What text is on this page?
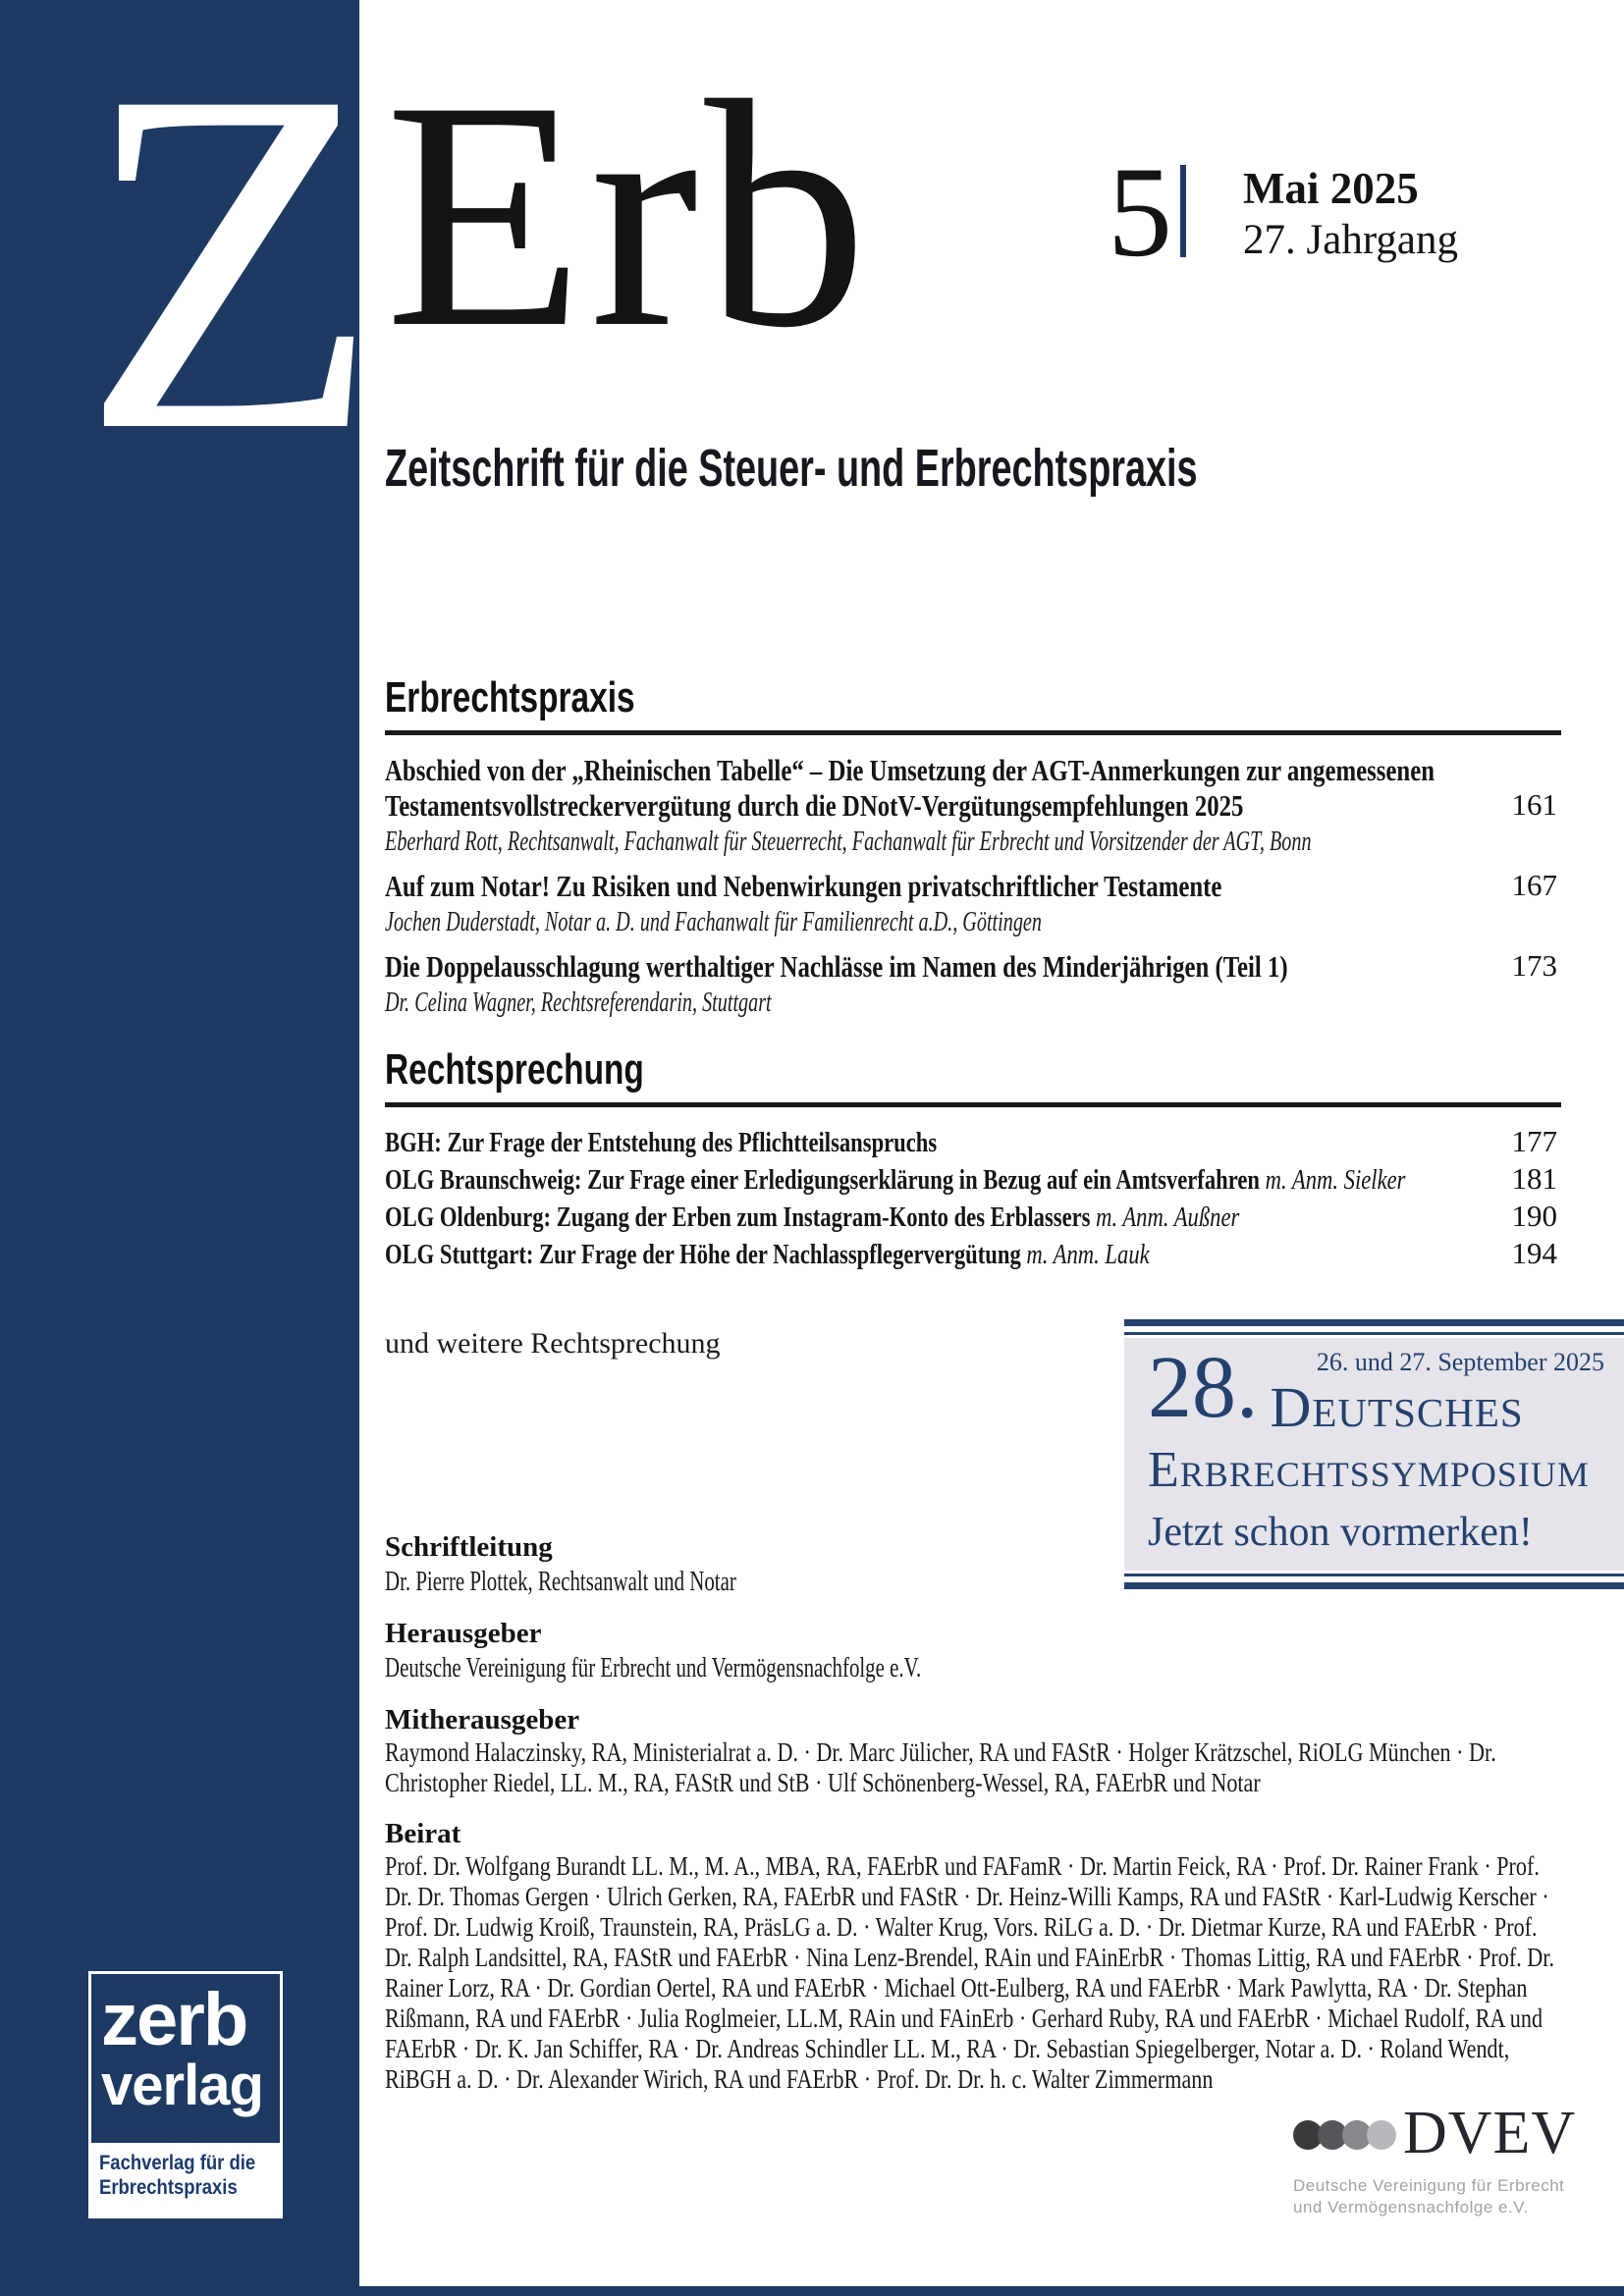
Z Erb 5 Mai 2025
27. Jahrgang
Zeitschrift für die Steuer- und Erbrechtspraxis
Erbrechtspraxis
Abschied von der „Rheinischen Tabelle“ – Die Umsetzung der AGT-Anmerkungen zur angemessenen Testamentsvollstreckervergütung durch die DNotV-Vergütungsempfehlungen 2025	161
Eberhard Rott, Rechtsanwalt, Fachanwalt für Steuerrecht, Fachanwalt für Erbrecht und Vorsitzender der AGT, Bonn
Auf zum Notar! Zu Risiken und Nebenwirkungen privatschriftlicher Testamente	167
Jochen Duderstadt, Notar a. D. und Fachanwalt für Familienrecht a.D., Göttingen
Die Doppelausschlagung werthaltiger Nachlässe im Namen des Minderjährigen (Teil 1)	173
Dr. Celina Wagner, Rechtsreferendarin, Stuttgart
Rechtsprechung
BGH: Zur Frage der Entstehung des Pflichtteilsanspruchs	177
OLG Braunschweig: Zur Frage einer Erledigungserklärung in Bezug auf ein Amtsverfahren m. Anm. Sielker	181
OLG Oldenburg: Zugang der Erben zum Instagram-Konto des Erblassers m. Anm. Außner	190
OLG Stuttgart: Zur Frage der Höhe der Nachlasspflegervergütung m. Anm. Lauk	194
und weitere Rechtsprechung	28.	26. und 27. September 2025
Deutsches
Erbrechtssymposium
Jetzt schon vormerken!
Schriftleitung
Dr. Pierre Plottek, Rechtsanwalt und Notar
Herausgeber
Deutsche Vereinigung für Erbrecht und Vermögensnachfolge e.V.
Mitherausgeber
Raymond Halaczinsky, RA, Ministerialrat a. D. · Dr. Marc Jülicher, RA und FAStR · Holger Krätzschel, RiOLG München · Dr. Christopher Riedel, LL. M., RA, FAStR und StB · Ulf Schönenberg-Wessel, RA, FAErbR und Notar
Beirat
Prof. Dr. Wolfgang Burandt LL. M., M. A., MBA, RA, FAErbR und FAFamR · Dr. Martin Feick, RA · Prof. Dr. Rainer Frank · Prof. Dr. Dr. Thomas Gergen · Ulrich Gerken, RA, FAErbR und FAStR · Dr. Heinz-Willi Kamps, RA und FAStR · Karl-Ludwig Kerscher · Prof. Dr. Ludwig Kroiß, Traunstein, RA, PräsLG a. D. · Walter Krug, Vors. RiLG a. D. · Dr. Dietmar Kurze, RA und FAErbR · Prof. Dr. Ralph Landsittel, RA, FAStR und FAErbR · Nina Lenz-Brendel, RAin und FAinErbR · Thomas Littig, RA und FAErbR · Prof. Dr. Rainer Lorz, RA · Dr. Gordian Oertel, RA und FAErbR · Michael Ott-Eulberg, RA und FAErbR · Mark Pawlytta, RA · Dr. Stephan Rißmann, RA und FAErbR · Julia Roglmeier, LL.M, RAin und FAinErb · Gerhard Ruby, RA und FAErbR · Michael Rudolf, RA und FAErbR · Dr. K. Jan Schiffer, RA · Dr. Andreas Schindler LL. M., RA · Dr. Sebastian Spiegelberger, Notar a. D. · Roland Wendt, RiBGH a. D. · Dr. Alexander Wirich, RA und FAErbR · Prof. Dr. Dr. h. c. Walter Zimmermann
zerb
verlag
Fachverlag für die Erbrechtspraxis
DVEV
Deutsche Vereinigung für Erbrecht
und Vermögensnachfolge e.V.
